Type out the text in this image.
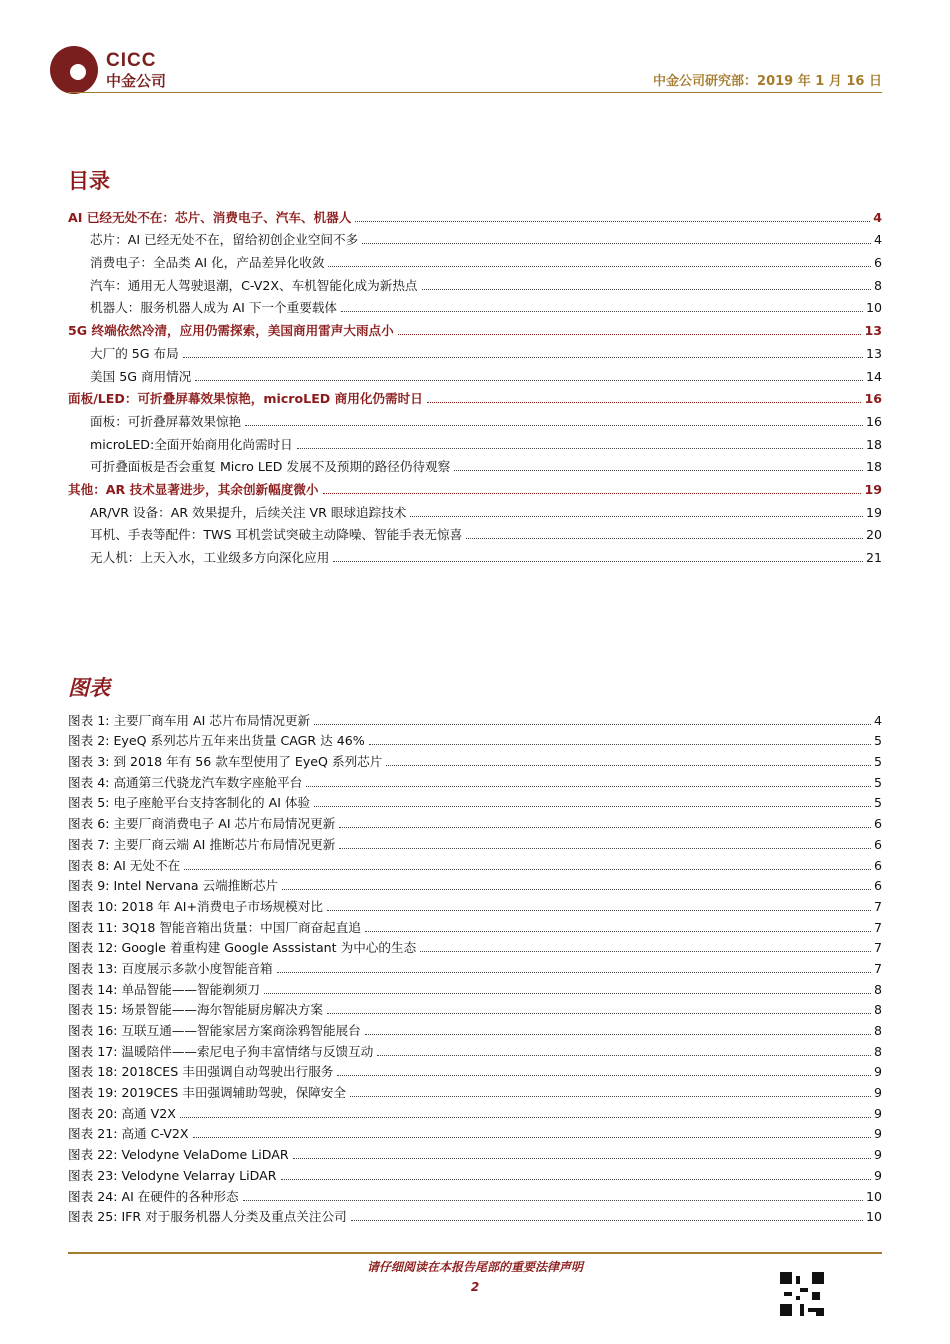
CICC
中金公司	中金公司研究部：2019 年 1 月 16 日
目录
AI 已经无处不在：芯片、消费电子、汽车、机器人	4
芯片：AI 已经无处不在，留给初创企业空间不多	4
消费电子：全品类 AI 化，产品差异化收敛	6
汽车：通用无人驾驶退潮，C-V2X、车机智能化成为新热点	8
机器人：服务机器人成为 AI 下一个重要载体	10
5G 终端依然冷清，应用仍需探索，美国商用雷声大雨点小	13
大厂的 5G 布局	13
美国 5G 商用情况	14
面板/LED：可折叠屏幕效果惊艳，microLED 商用化仍需时日	16
面板：可折叠屏幕效果惊艳	16
microLED:全面开始商用化尚需时日	18
可折叠面板是否会重复 Micro LED 发展不及预期的路径仍待观察	18
其他：AR 技术显著进步，其余创新幅度微小	19
AR/VR 设备：AR 效果提升，后续关注 VR 眼球追踪技术	19
耳机、手表等配件：TWS 耳机尝试突破主动降噪、智能手表无惊喜	20
无人机：上天入水，工业级多方向深化应用	21
图表
图表 1: 主要厂商车用 AI 芯片布局情况更新	4
图表 2: EyeQ 系列芯片五年来出货量 CAGR 达 46%	5
图表 3: 到 2018 年有 56 款车型使用了 EyeQ 系列芯片	5
图表 4: 高通第三代骁龙汽车数字座舱平台	5
图表 5: 电子座舱平台支持客制化的 AI 体验	5
图表 6: 主要厂商消费电子 AI 芯片布局情况更新	6
图表 7: 主要厂商云端 AI 推断芯片布局情况更新	6
图表 8: AI 无处不在	6
图表 9: Intel Nervana 云端推断芯片	6
图表 10: 2018 年 AI+消费电子市场规模对比	7
图表 11: 3Q18 智能音箱出货量：中国厂商奋起直追	7
图表 12: Google 着重构建 Google Asssistant 为中心的生态	7
图表 13: 百度展示多款小度智能音箱	7
图表 14: 单品智能——智能剃须刀	8
图表 15: 场景智能——海尔智能厨房解决方案	8
图表 16: 互联互通——智能家居方案商涂鸦智能展台	8
图表 17: 温暖陪伴——索尼电子狗丰富情绪与反馈互动	8
图表 18: 2018CES 丰田强调自动驾驶出行服务	9
图表 19: 2019CES 丰田强调辅助驾驶，保障安全	9
图表 20: 高通 V2X	9
图表 21: 高通 C-V2X	9
图表 22: Velodyne VelaDome LiDAR	9
图表 23: Velodyne Velarray LiDAR	9
图表 24: AI 在硬件的各种形态	10
图表 25: IFR 对于服务机器人分类及重点关注公司	10
请仔细阅读在本报告尾部的重要法律声明
2
